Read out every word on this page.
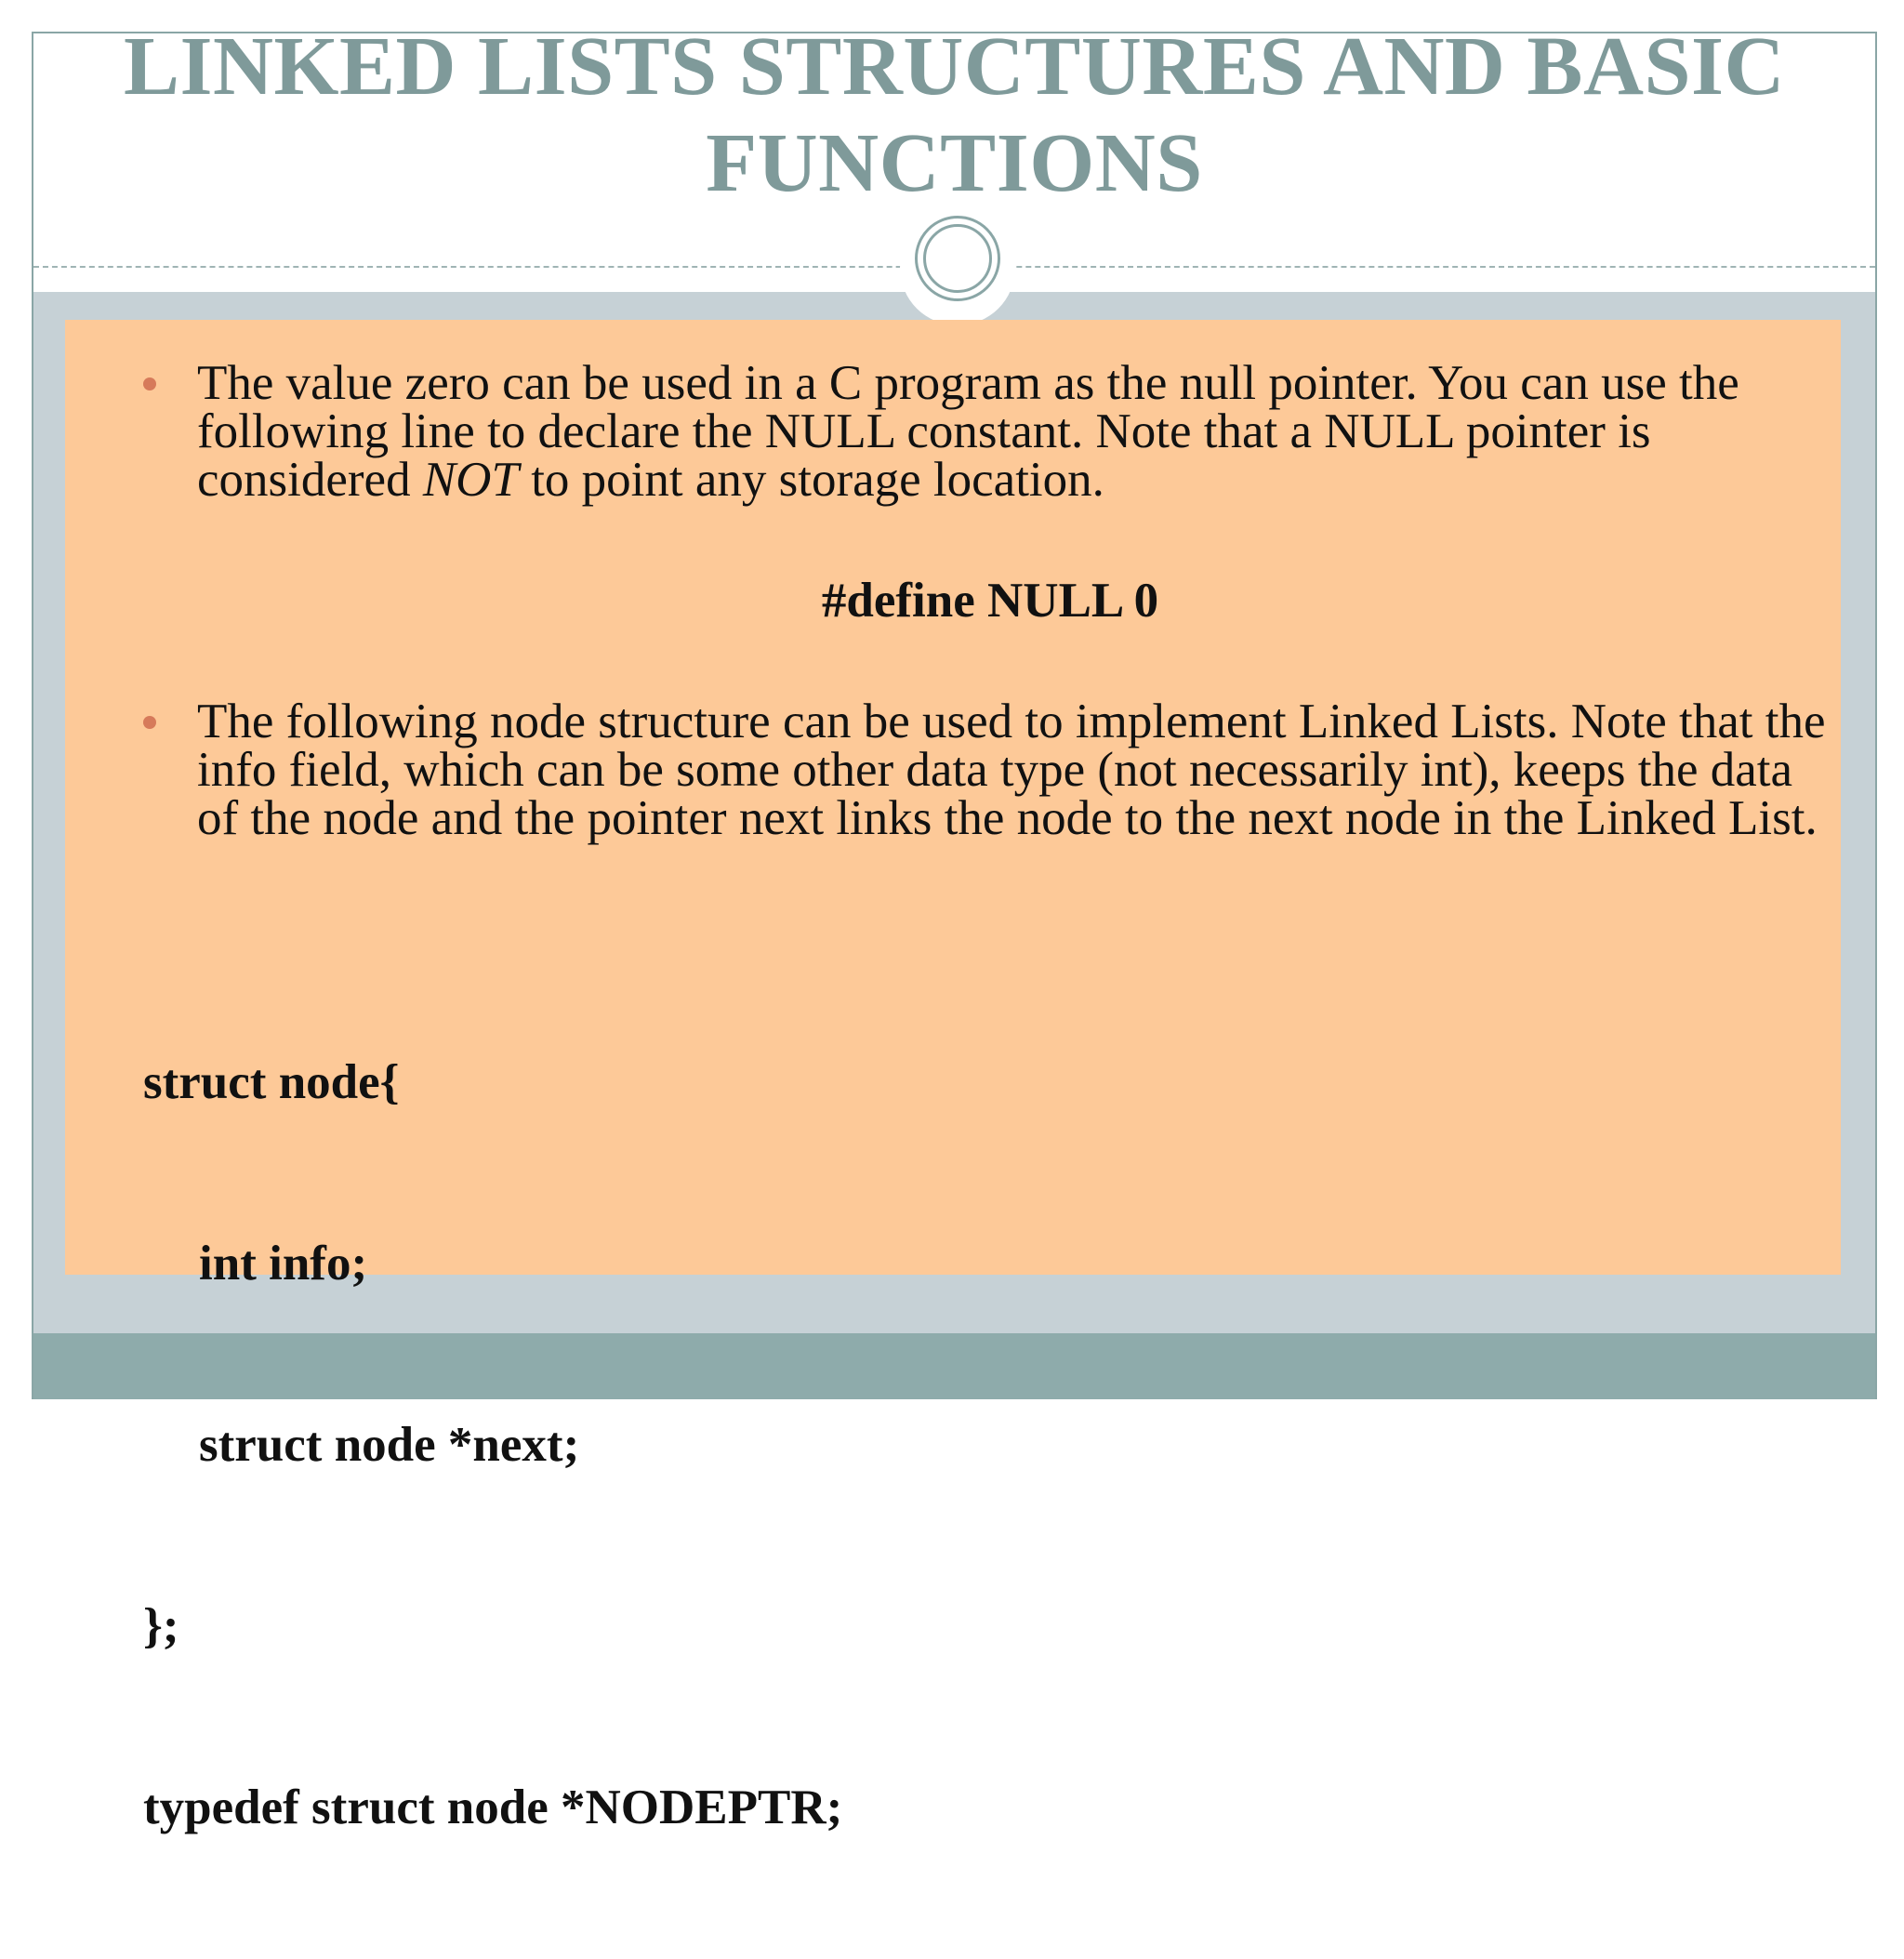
LINKED LISTS STRUCTURES AND BASIC
FUNCTIONS
The value zero can be used in a C program as the null pointer. You can use the following line to declare the NULL constant. Note that a NULL pointer is considered NOT to point any storage location.
#define NULL 0
The following node structure can be used to implement Linked Lists. Note that the info field, which can be some other data type (not necessarily int), keeps the data of the node and the pointer next links the node to the next node in the Linked List.

struct node{

int info;

struct node *next;

};

typedef struct node *NODEPTR;
